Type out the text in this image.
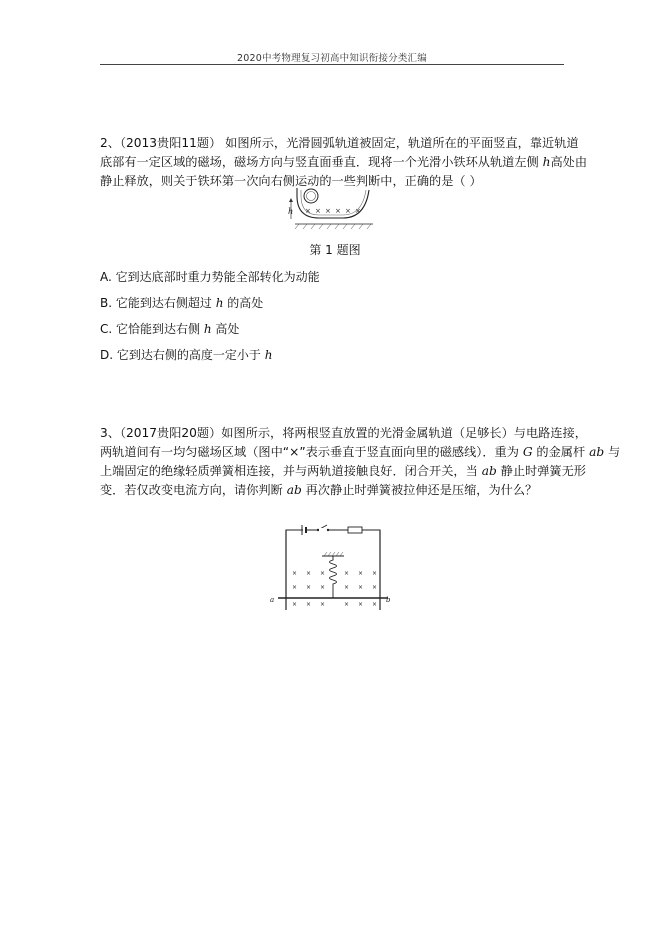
2020中考物理复习初高中知识衔接分类汇编
2、（2013贵阳11题） 如图所示，光滑圆弧轨道被固定，轨道所在的平面竖直，靠近轨道
底部有一定区域的磁场，磁场方向与竖直面垂直．现将一个光滑小铁环从轨道左侧 h高处由
静止释放，则关于铁环第一次向右侧运动的一些判断中，正确的是（ ）
h × × × × × ×
第 1 题图
A. 它到达底部时重力势能全部转化为动能
B. 它能到达右侧超过 h 的高处
C. 它恰能到达右侧 h 高处
D. 它到达右侧的高度一定小于 h
3、（2017贵阳20题）如图所示，将两根竖直放置的光滑金属轨道（足够长）与电路连接，
两轨道间有一均匀磁场区域（图中“×”表示垂直于竖直面向里的磁感线）．重为 G 的金属杆 ab 与
上端固定的绝缘轻质弹簧相连接，并与两轨道接触良好．闭合开关，当 ab 静止时弹簧无形
变．若仅改变电流方向，请你判断 ab 再次静止时弹簧被拉伸还是压缩，为什么？
a	b
× × ×	× × ×
× × ×	× × ×
× × ×	× × ×
